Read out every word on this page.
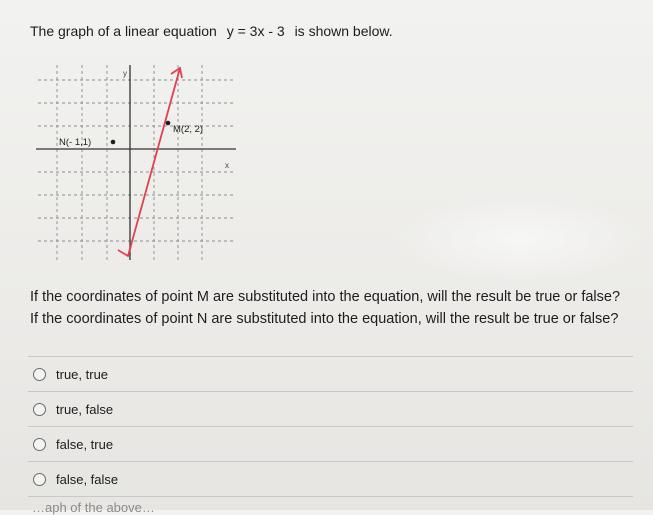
The graph of a linear equation y = 3x - 3 is shown below.
y
x
M(2, 2)
N(- 1,1)
If the coordinates of point M are substituted into the equation, will the result be true or false? If the coordinates of point N are substituted into the equation, will the result be true or false?
true, true
true, false
false, true
false, false
…aph of the above…
